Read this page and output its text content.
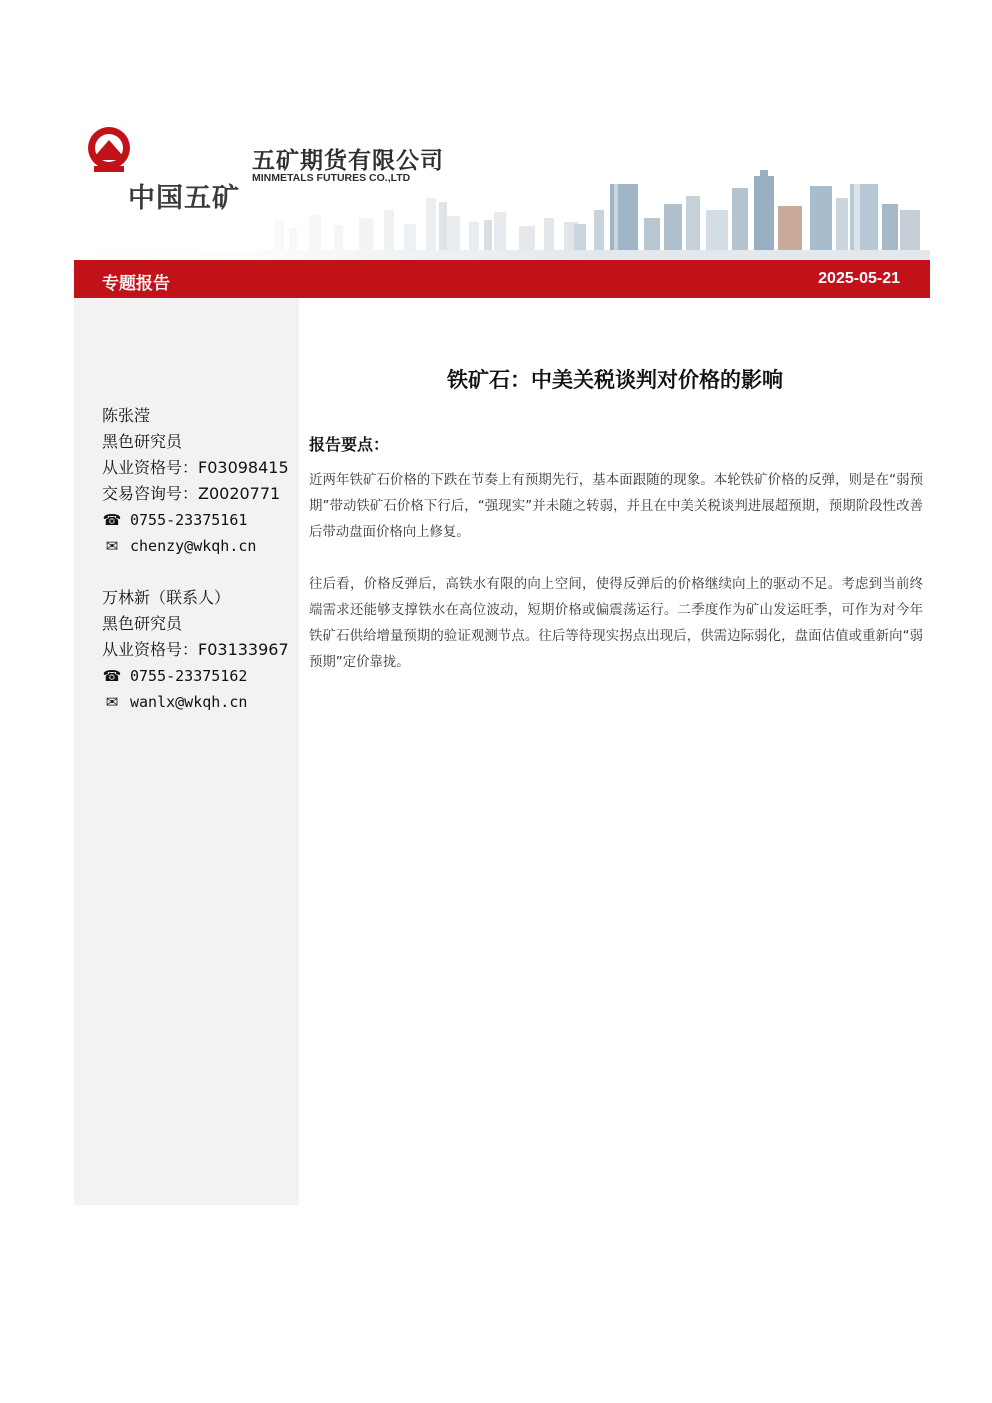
中国五矿
五矿期货有限公司
MINMETALS FUTURES CO.,LTD
专题报告	2025-05-21
陈张滢
黑色研究员
从业资格号：F03098415
交易咨询号：Z0020771
☎ 0755-23375161
✉ chenzy@wkqh.cn
万林新（联系人）
黑色研究员
从业资格号：F03133967
☎ 0755-23375162
✉ wanlx@wkqh.cn
铁矿石：中美关税谈判对价格的影响
报告要点：

近两年铁矿石价格的下跌在节奏上有预期先行，基本面跟随的现象。本轮铁矿价格的反弹，则是在“弱预期”带动铁矿石价格下行后，“强现实”并未随之转弱，并且在中美关税谈判进展超预期，预期阶段性改善后带动盘面价格向上修复。

往后看，价格反弹后，高铁水有限的向上空间，使得反弹后的价格继续向上的驱动不足。考虑到当前终端需求还能够支撑铁水在高位波动，短期价格或偏震荡运行。二季度作为矿山发运旺季，可作为对今年铁矿石供给增量预期的验证观测节点。往后等待现实拐点出现后，供需边际弱化，盘面估值或重新向“弱预期”定价靠拢。
